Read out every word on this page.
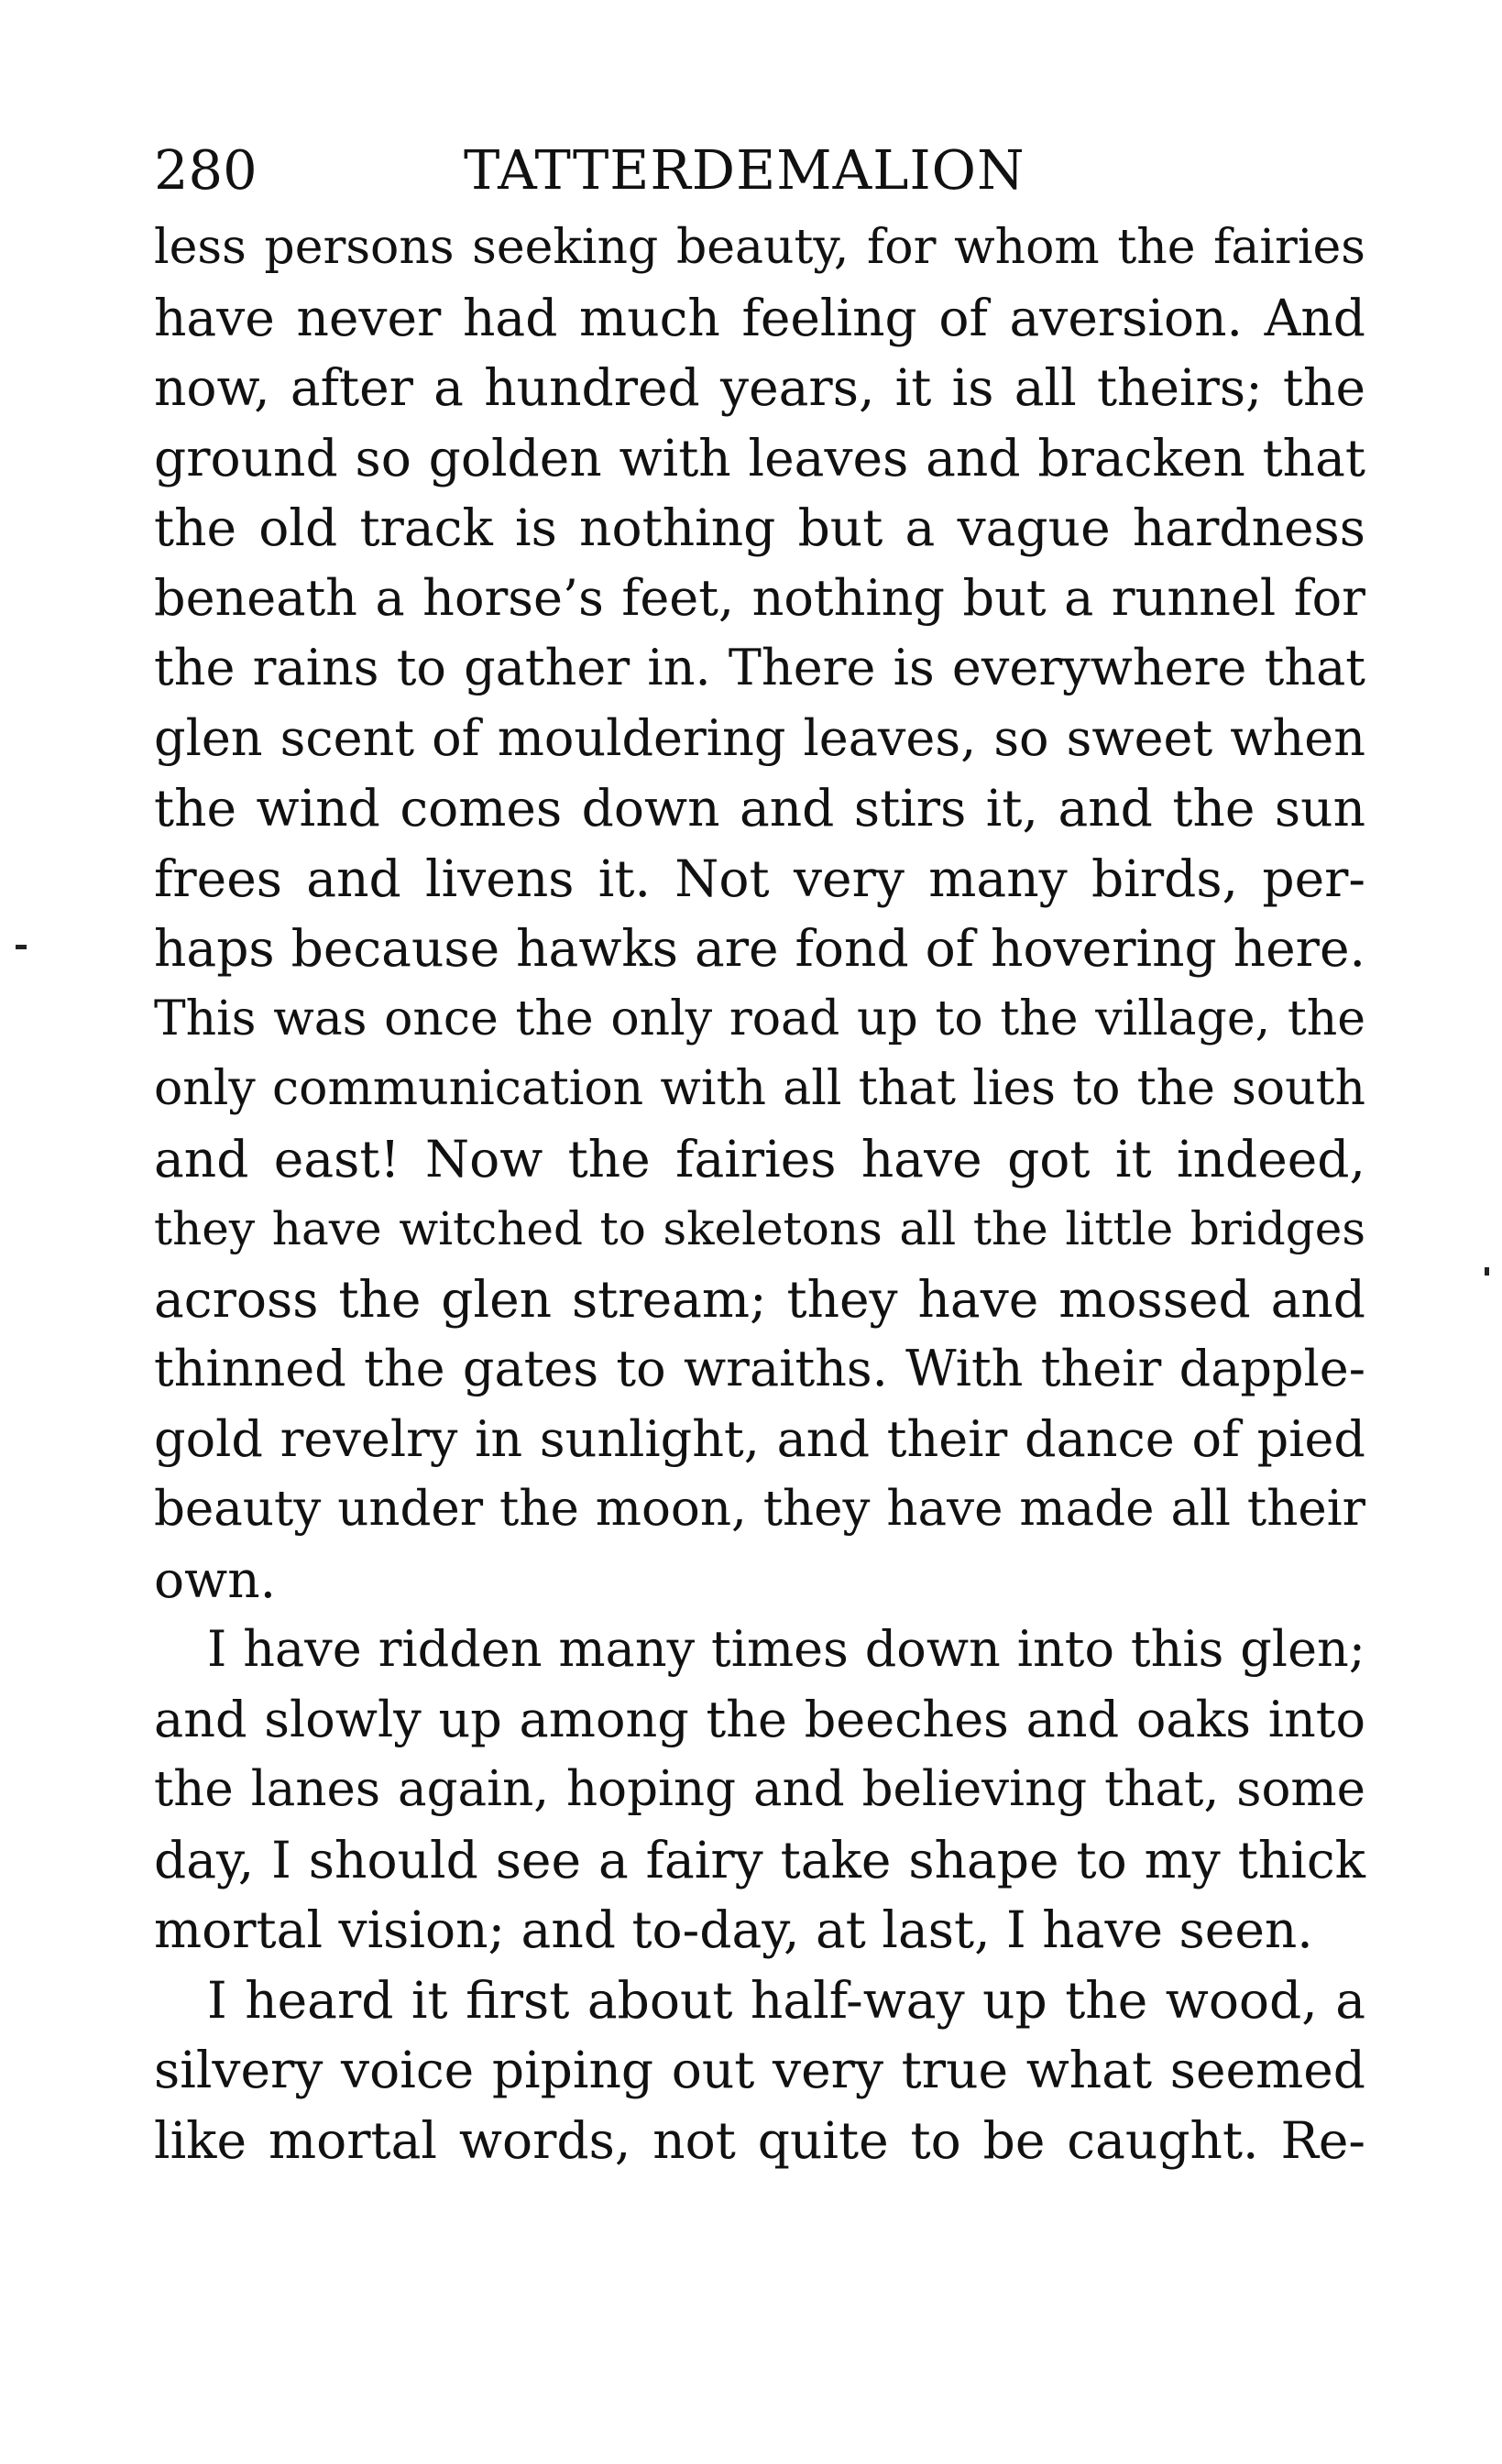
280	TATTERDEMALION
less persons seeking beauty, for whom the fairies
have never had much feeling of aversion. And
now, after a hundred years, it is all theirs; the
ground so golden with leaves and bracken that
the old track is nothing but a vague hardness
beneath a horse’s feet, nothing but a runnel for
the rains to gather in. There is everywhere that
glen scent of mouldering leaves, so sweet when
the wind comes down and stirs it, and the sun
frees and livens it. Not very many birds, per-
haps because hawks are fond of hovering here.
This was once the only road up to the village, the
only communication with all that lies to the south
and east! Now the fairies have got it indeed,
they have witched to skeletons all the little bridges
across the glen stream; they have mossed and
thinned the gates to wraiths. With their dapple-
gold revelry in sunlight, and their dance of pied
beauty under the moon, they have made all their
own.
I have ridden many times down into this glen;
and slowly up among the beeches and oaks into
the lanes again, hoping and believing that, some
day, I should see a fairy take shape to my thick
mortal vision; and to-day, at last, I have seen.
I heard it first about half-way up the wood, a
silvery voice piping out very true what seemed
like mortal words, not quite to be caught. Re-
